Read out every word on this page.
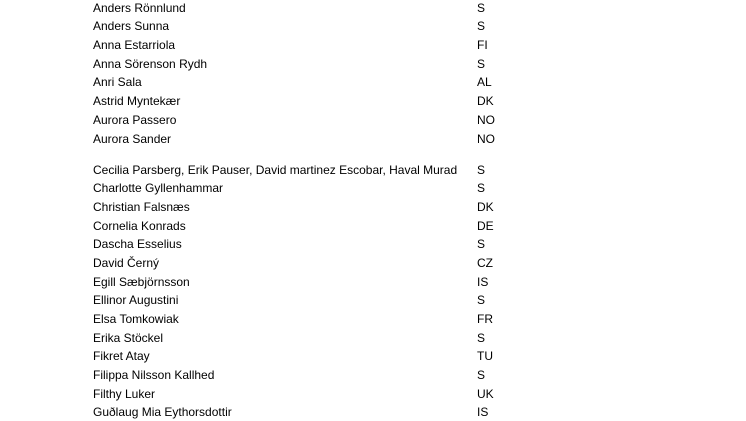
Anders Rönnlund	S
Anders Sunna	S
Anna Estarriola	FI
Anna Sörenson Rydh	S
Anri Sala	AL
Astrid Myntekær	DK
Aurora Passero	NO
Aurora Sander	NO
Cecilia Parsberg, Erik Pauser, David martinez Escobar, Haval Murad	S
Charlotte Gyllenhammar	S
Christian Falsnæs	DK
Cornelia Konrads	DE
Dascha Esselius	S
David Černý	CZ
Egill Sæbjörnsson	IS
Ellinor Augustini	S
Elsa Tomkowiak	FR
Erika Stöckel	S
Fikret Atay	TU
Filippa Nilsson Kallhed	S
Filthy Luker	UK
Guðlaug Mia Eythorsdottir	IS
